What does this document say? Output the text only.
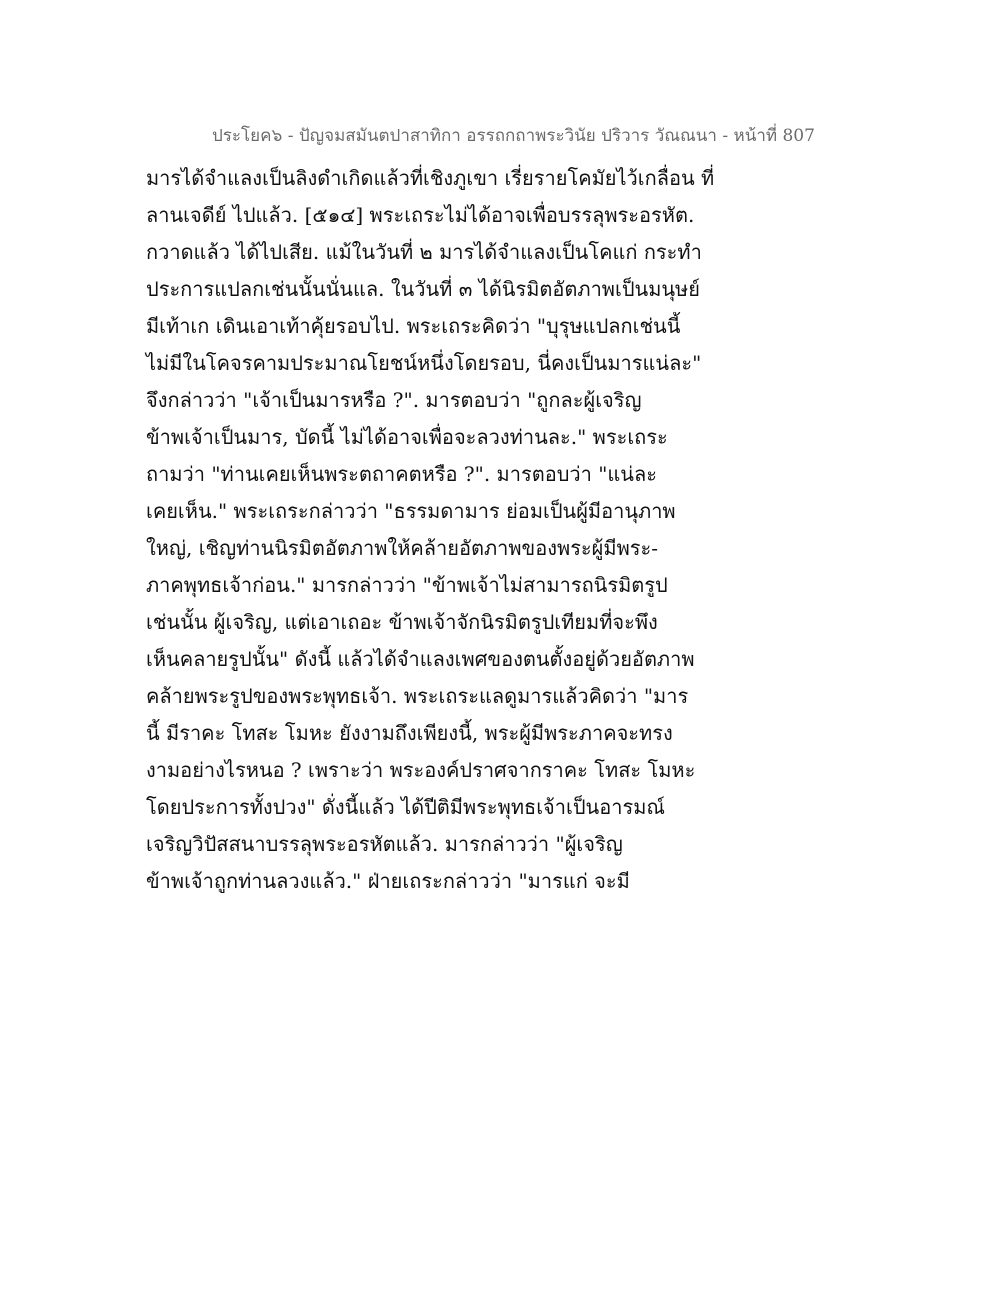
ประโยค๖ - ปัญจมสมันตปาสาทิกา อรรถกถาพระวินัย ปริวาร วัณณนา - หน้าที่ 807
มารได้จำแลงเป็นลิงดำเกิดแล้วที่เชิงภูเขา เรี่ยรายโคมัยไว้เกลื่อน ที่
ลานเจดีย์ ไปแล้ว. [๕๑๔] พระเถระไม่ได้อาจเพื่อบรรลุพระอรหัต.
กวาดแล้ว ได้ไปเสีย. แม้ในวันที่ ๒ มารได้จำแลงเป็นโคแก่ กระทำ
ประการแปลกเช่นนั้นนั่นแล. ในวันที่ ๓ ได้นิรมิตอัตภาพเป็นมนุษย์
มีเท้าเก เดินเอาเท้าคุ้ยรอบไป. พระเถระคิดว่า "บุรุษแปลกเช่นนี้
ไม่มีในโคจรคามประมาณโยชน์หนึ่งโดยรอบ, นี่คงเป็นมารแน่ละ"
จึงกล่าวว่า "เจ้าเป็นมารหรือ ?". มารตอบว่า "ถูกละผู้เจริญ
ข้าพเจ้าเป็นมาร, บัดนี้ ไม่ได้อาจเพื่อจะลวงท่านละ." พระเถระ
ถามว่า "ท่านเคยเห็นพระตถาคตหรือ ?". มารตอบว่า "แน่ละ
เคยเห็น." พระเถระกล่าวว่า "ธรรมดามาร ย่อมเป็นผู้มีอานุภาพ
ใหญ่, เชิญท่านนิรมิตอัตภาพให้คล้ายอัตภาพของพระผู้มีพระ-
ภาคพุทธเจ้าก่อน." มารกล่าวว่า "ข้าพเจ้าไม่สามารถนิรมิตรูป
เช่นนั้น ผู้เจริญ, แต่เอาเถอะ ข้าพเจ้าจักนิรมิตรูปเทียมที่จะพึง
เห็นคลายรูปนั้น" ดังนี้ แล้วได้จำแลงเพศของตนตั้งอยู่ด้วยอัตภาพ
คล้ายพระรูปของพระพุทธเจ้า. พระเถระแลดูมารแล้วคิดว่า "มาร
นี้ มีราคะ โทสะ โมหะ ยังงามถึงเพียงนี้, พระผู้มีพระภาคจะทรง
งามอย่างไรหนอ ? เพราะว่า พระองค์ปราศจากราคะ โทสะ โมหะ
โดยประการทั้งปวง" ดั่งนี้แล้ว ได้ปีติมีพระพุทธเจ้าเป็นอารมณ์
เจริญวิปัสสนาบรรลุพระอรหัตแล้ว. มารกล่าวว่า "ผู้เจริญ
ข้าพเจ้าถูกท่านลวงแล้ว." ฝ่ายเถระกล่าวว่า "มารแก่ จะมี
